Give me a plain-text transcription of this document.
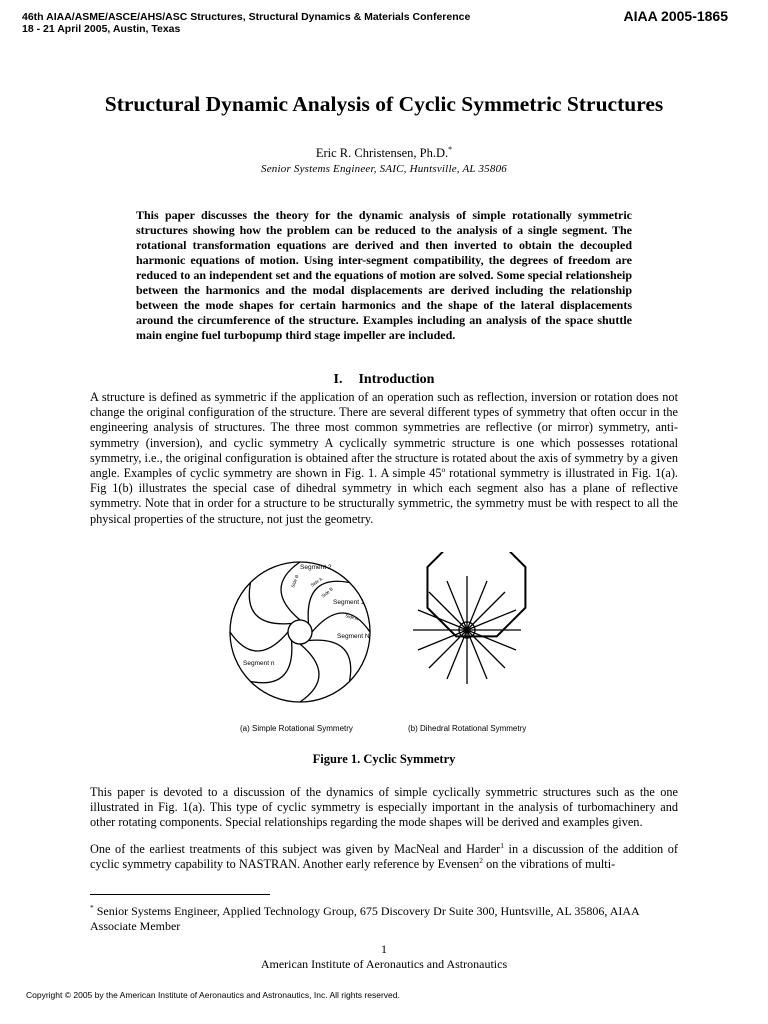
46th AIAA/ASME/ASCE/AHS/ASC Structures, Structural Dynamics & Materials Conference
18 - 21 April 2005, Austin, Texas
AIAA 2005-1865
Structural Dynamic Analysis of Cyclic Symmetric Structures
Eric R. Christensen, Ph.D.*
Senior Systems Engineer, SAIC, Huntsville, AL 35806
This paper discusses the theory for the dynamic analysis of simple rotationally symmetric structures showing how the problem can be reduced to the analysis of a single segment. The rotational transformation equations are derived and then inverted to obtain the decoupled harmonic equations of motion. Using inter-segment compatibility, the degrees of freedom are reduced to an independent set and the equations of motion are solved. Some special relationsheip between the harmonics and the modal displacements are derived including the relationship between the mode shapes for certain harmonics and the shape of the lateral displacements around the circumference of the structure. Examples including an analysis of the space shuttle main engine fuel turbopump third stage impeller are included.
I. Introduction
A structure is defined as symmetric if the application of an operation such as reflection, inversion or rotation does not change the original configuration of the structure. There are several different types of symmetry that often occur in the engineering analysis of structures. The three most common symmetries are reflective (or mirror) symmetry, anti-symmetry (inversion), and cyclic symmetry A cyclically symmetric structure is one which possesses rotational symmetry, i.e., the original configuration is obtained after the structure is rotated about the axis of symmetry by a given angle. Examples of cyclic symmetry are shown in Fig. 1. A simple 45$^o$ rotational symmetry is illustrated in Fig. 1(a). Fig 1(b) illustrates the special case of dihedral symmetry in which each segment also has a plane of reflective symmetry. Note that in order for a structure to be structurally symmetric, the symmetry must be with respect to all the physical properties of the structure, not just the geometry.
Segment 2
Segment 1
Segment N
Segment n
Side A
Side A
Side B
Side B
(a) Simple Rotational Symmetry	(b) Dihedral Rotational Symmetry
Figure 1. Cyclic Symmetry
This paper is devoted to a discussion of the dynamics of simple cyclically symmetric structures such as the one illustrated in Fig. 1(a). This type of cyclic symmetry is especially important in the analysis of turbomachinery and other rotating components. Special relationships regarding the mode shapes will be derived and examples given.
One of the earliest treatments of this subject was given by MacNeal and Harder$^1$ in a discussion of the addition of cyclic symmetry capability to NASTRAN. Another early reference by Evensen$^2$ on the vibrations of multi-
* Senior Systems Engineer, Applied Technology Group, 675 Discovery Dr Suite 300, Huntsville, AL 35806, AIAA Associate Member
1
American Institute of Aeronautics and Astronautics
Copyright © 2005 by the American Institute of Aeronautics and Astronautics, Inc. All rights reserved.
